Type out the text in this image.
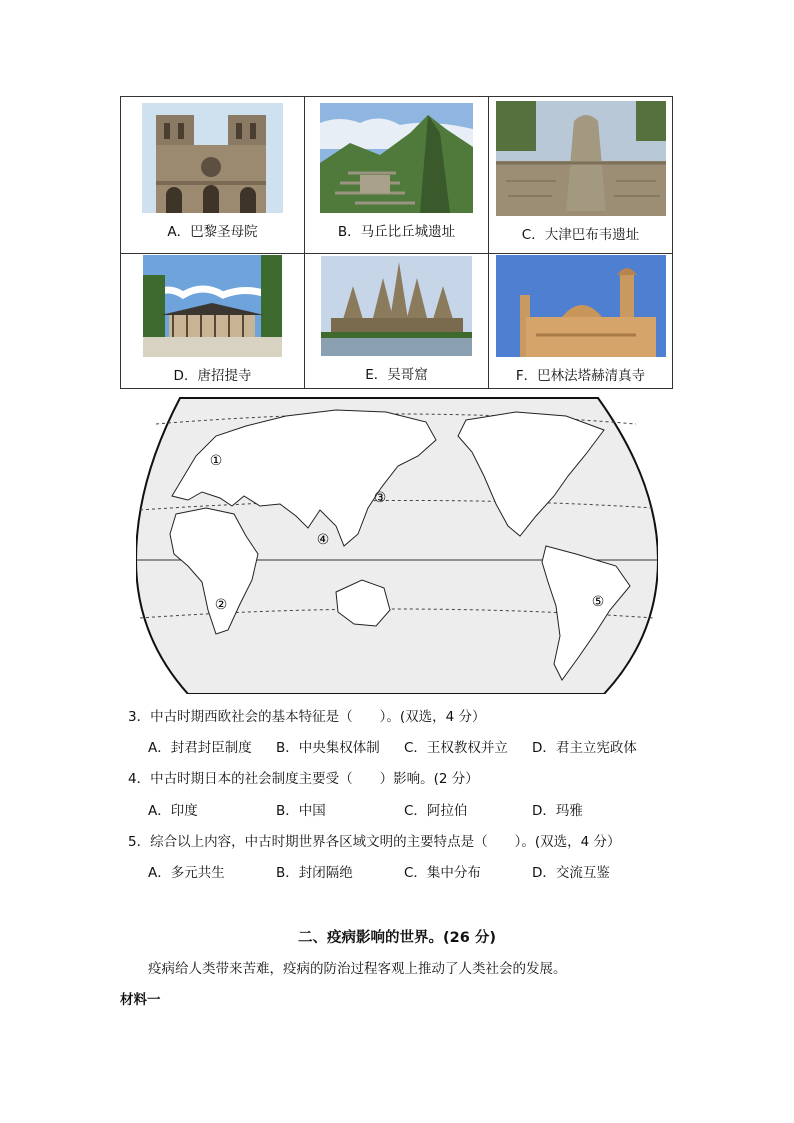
A．巴黎圣母院	B．马丘比丘城遗址	C．大津巴布韦遗址

D．唐招提寺	E．吴哥窟	F．巴林法塔赫清真寺
①
②
③
④
⑤
3．中古时期西欧社会的基本特征是（　　）。(双选，4 分）
A．封君封臣制度 B．中央集权体制 C．王权教权并立 D．君主立宪政体
4．中古时期日本的社会制度主要受（　　）影响。(2 分）
A．印度	B．中国	C．阿拉伯	D．玛雅
5．综合以上内容，中古时期世界各区域文明的主要特点是（　　）。(双选，4 分）
A．多元共生	B．封闭隔绝	C．集中分布	D．交流互鉴
二、疫病影响的世界。(26 分)
疫病给人类带来苦难，疫病的防治过程客观上推动了人类社会的发展。
材料一
